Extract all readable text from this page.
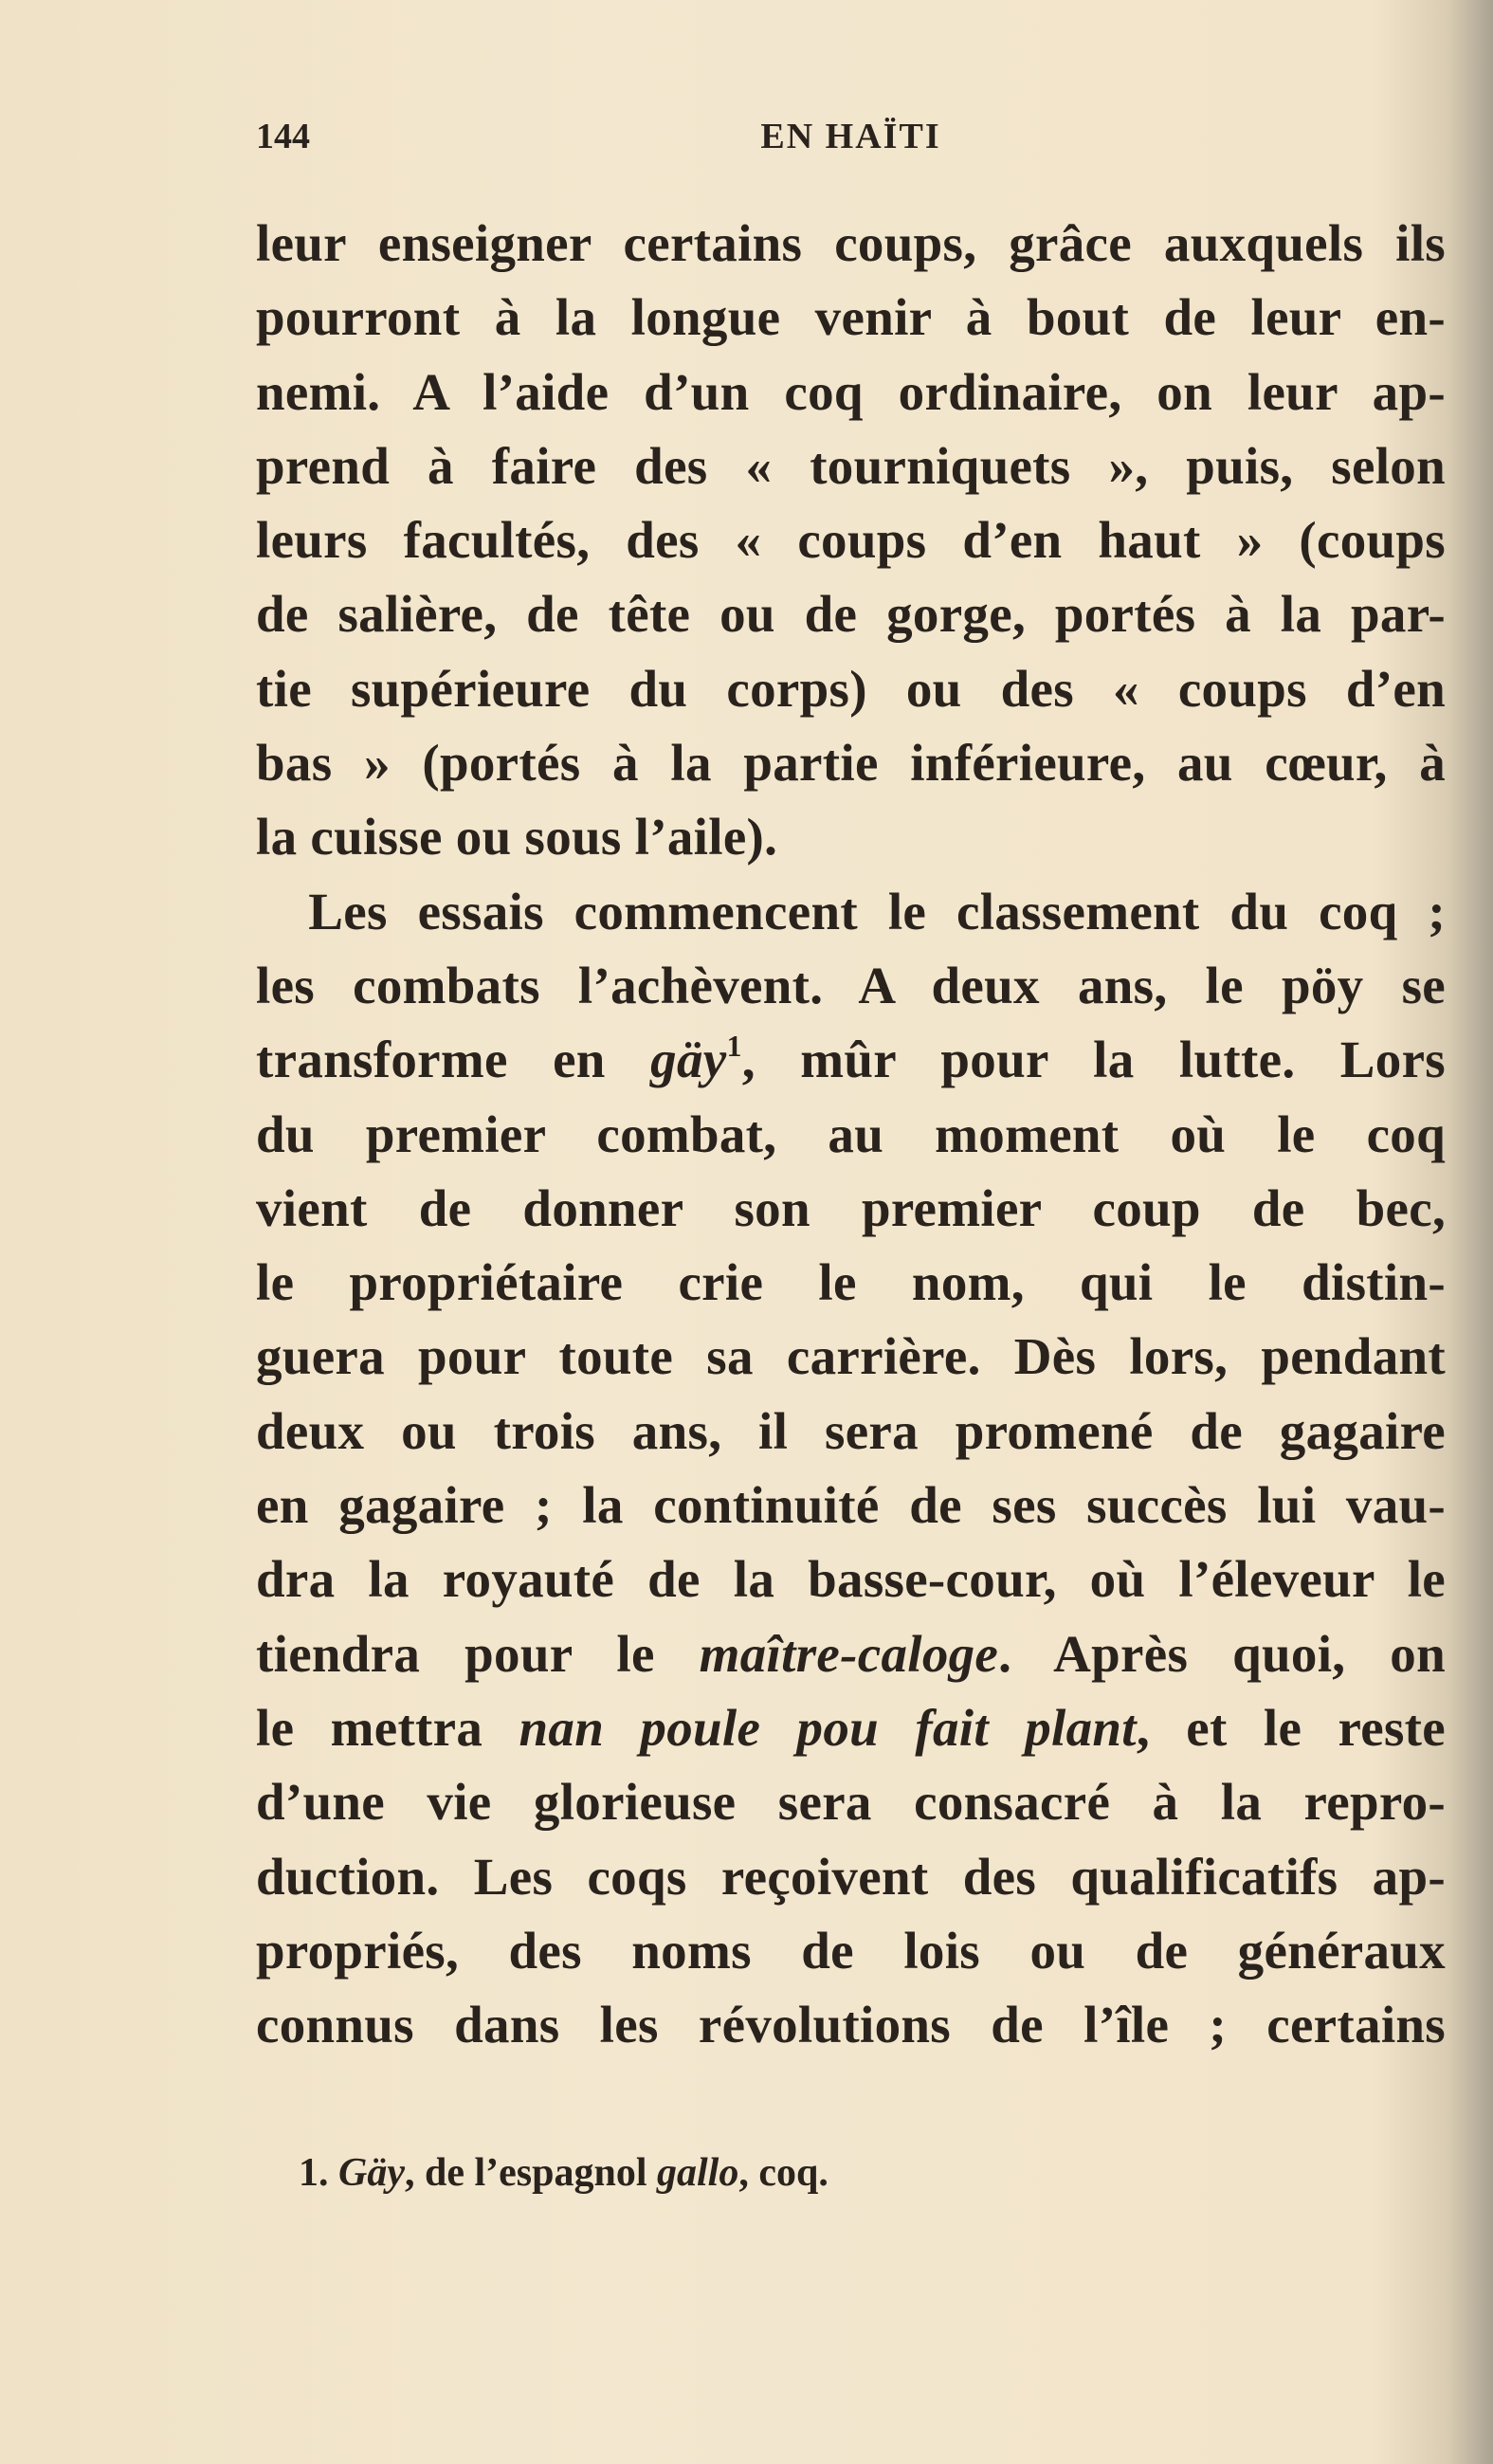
144	EN HAÏTI
leur enseigner certains coups, grâce auxquels ils
pourront à la longue venir à bout de leur en-
nemi. A l’aide d’un coq ordinaire, on leur ap-
prend à faire des « tourniquets », puis, selon
leurs facultés, des « coups d’en haut » (coups
de salière, de tête ou de gorge, portés à la par-
tie supérieure du corps) ou des « coups d’en
bas » (portés à la partie inférieure, au cœur, à
la cuisse ou sous l’aile).
 Les essais commencent le classement du coq ;
les combats l’achèvent. A deux ans, le pöy se
transforme en gäy$^1$, mûr pour la lutte. Lors
du premier combat, au moment où le coq
vient de donner son premier coup de bec,
le propriétaire crie le nom, qui le distin-
guera pour toute sa carrière. Dès lors, pendant
deux ou trois ans, il sera promené de gagaire
en gagaire ; la continuité de ses succès lui vau-
dra la royauté de la basse-cour, où l’éleveur le
tiendra pour le maître-caloge. Après quoi, on
le mettra nan poule pou fait plant, et le reste
d’une vie glorieuse sera consacré à la repro-
duction. Les coqs reçoivent des qualificatifs ap-
propriés, des noms de lois ou de généraux
connus dans les révolutions de l’île ; certains
1. Gäy, de l’espagnol gallo, coq.
